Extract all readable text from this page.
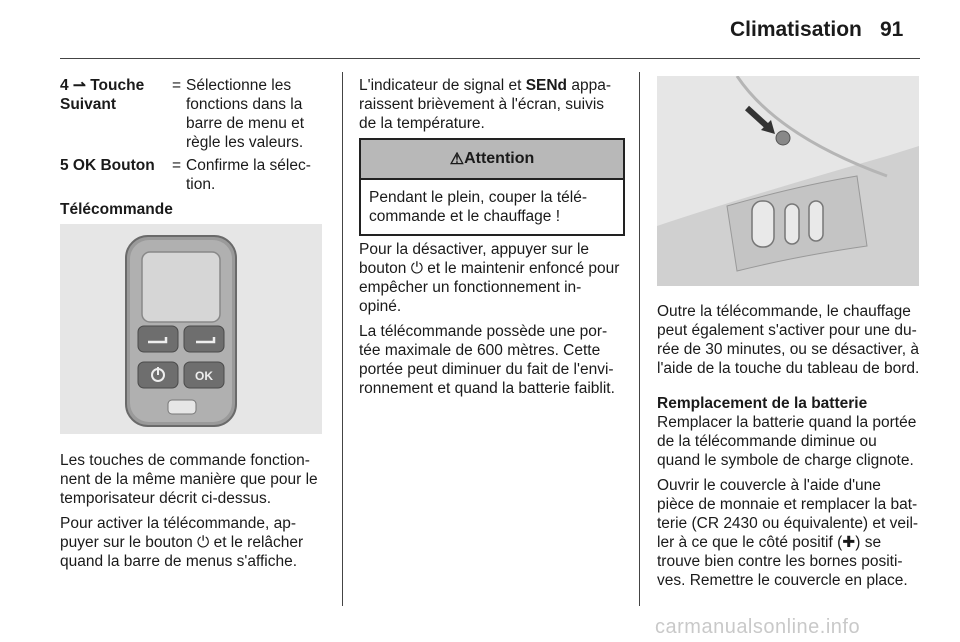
Climatisation 91
4 ⇀ Touche Suivant
= Sélectionne les fonctions dans la barre de menu et règle les valeurs.
5 OK Bouton	= Confirme la sélec-tion.
Télécommande
OK

Les touches de commande fonction-nent de la même manière que pour le temporisateur décrit ci-dessus.

Pour activer la télécommande, ap-puyer sur le bouton ⏻ et le relâcher quand la barre de menus s'affiche.

L'indicateur de signal et SENd appa-raissent brièvement à l'écran, suivis de la température.
⚠ Attention
Pendant le plein, couper la télé-commande et le chauffage !

Pour la désactiver, appuyer sur le bouton ⏻ et le maintenir enfoncé pour empêcher un fonctionnement in-opiné.

La télécommande possède une por-tée maximale de 600 mètres. Cette portée peut diminuer du fait de l'envi-ronnement et quand la batterie faiblit.

Outre la télécommande, le chauffage peut également s'activer pour une du-rée de 30 minutes, ou se désactiver, à l'aide de la touche du tableau de bord.

Remplacement de la batterie

Remplacer la batterie quand la portée de la télécommande diminue ou quand le symbole de charge clignote.

Ouvrir le couvercle à l'aide d'une pièce de monnaie et remplacer la bat-terie (CR 2430 ou équivalente) et veil-ler à ce que le côté positif (✚) se trouve bien contre les bornes positi-ves. Remettre le couvercle en place.

carmanualsonline.info
